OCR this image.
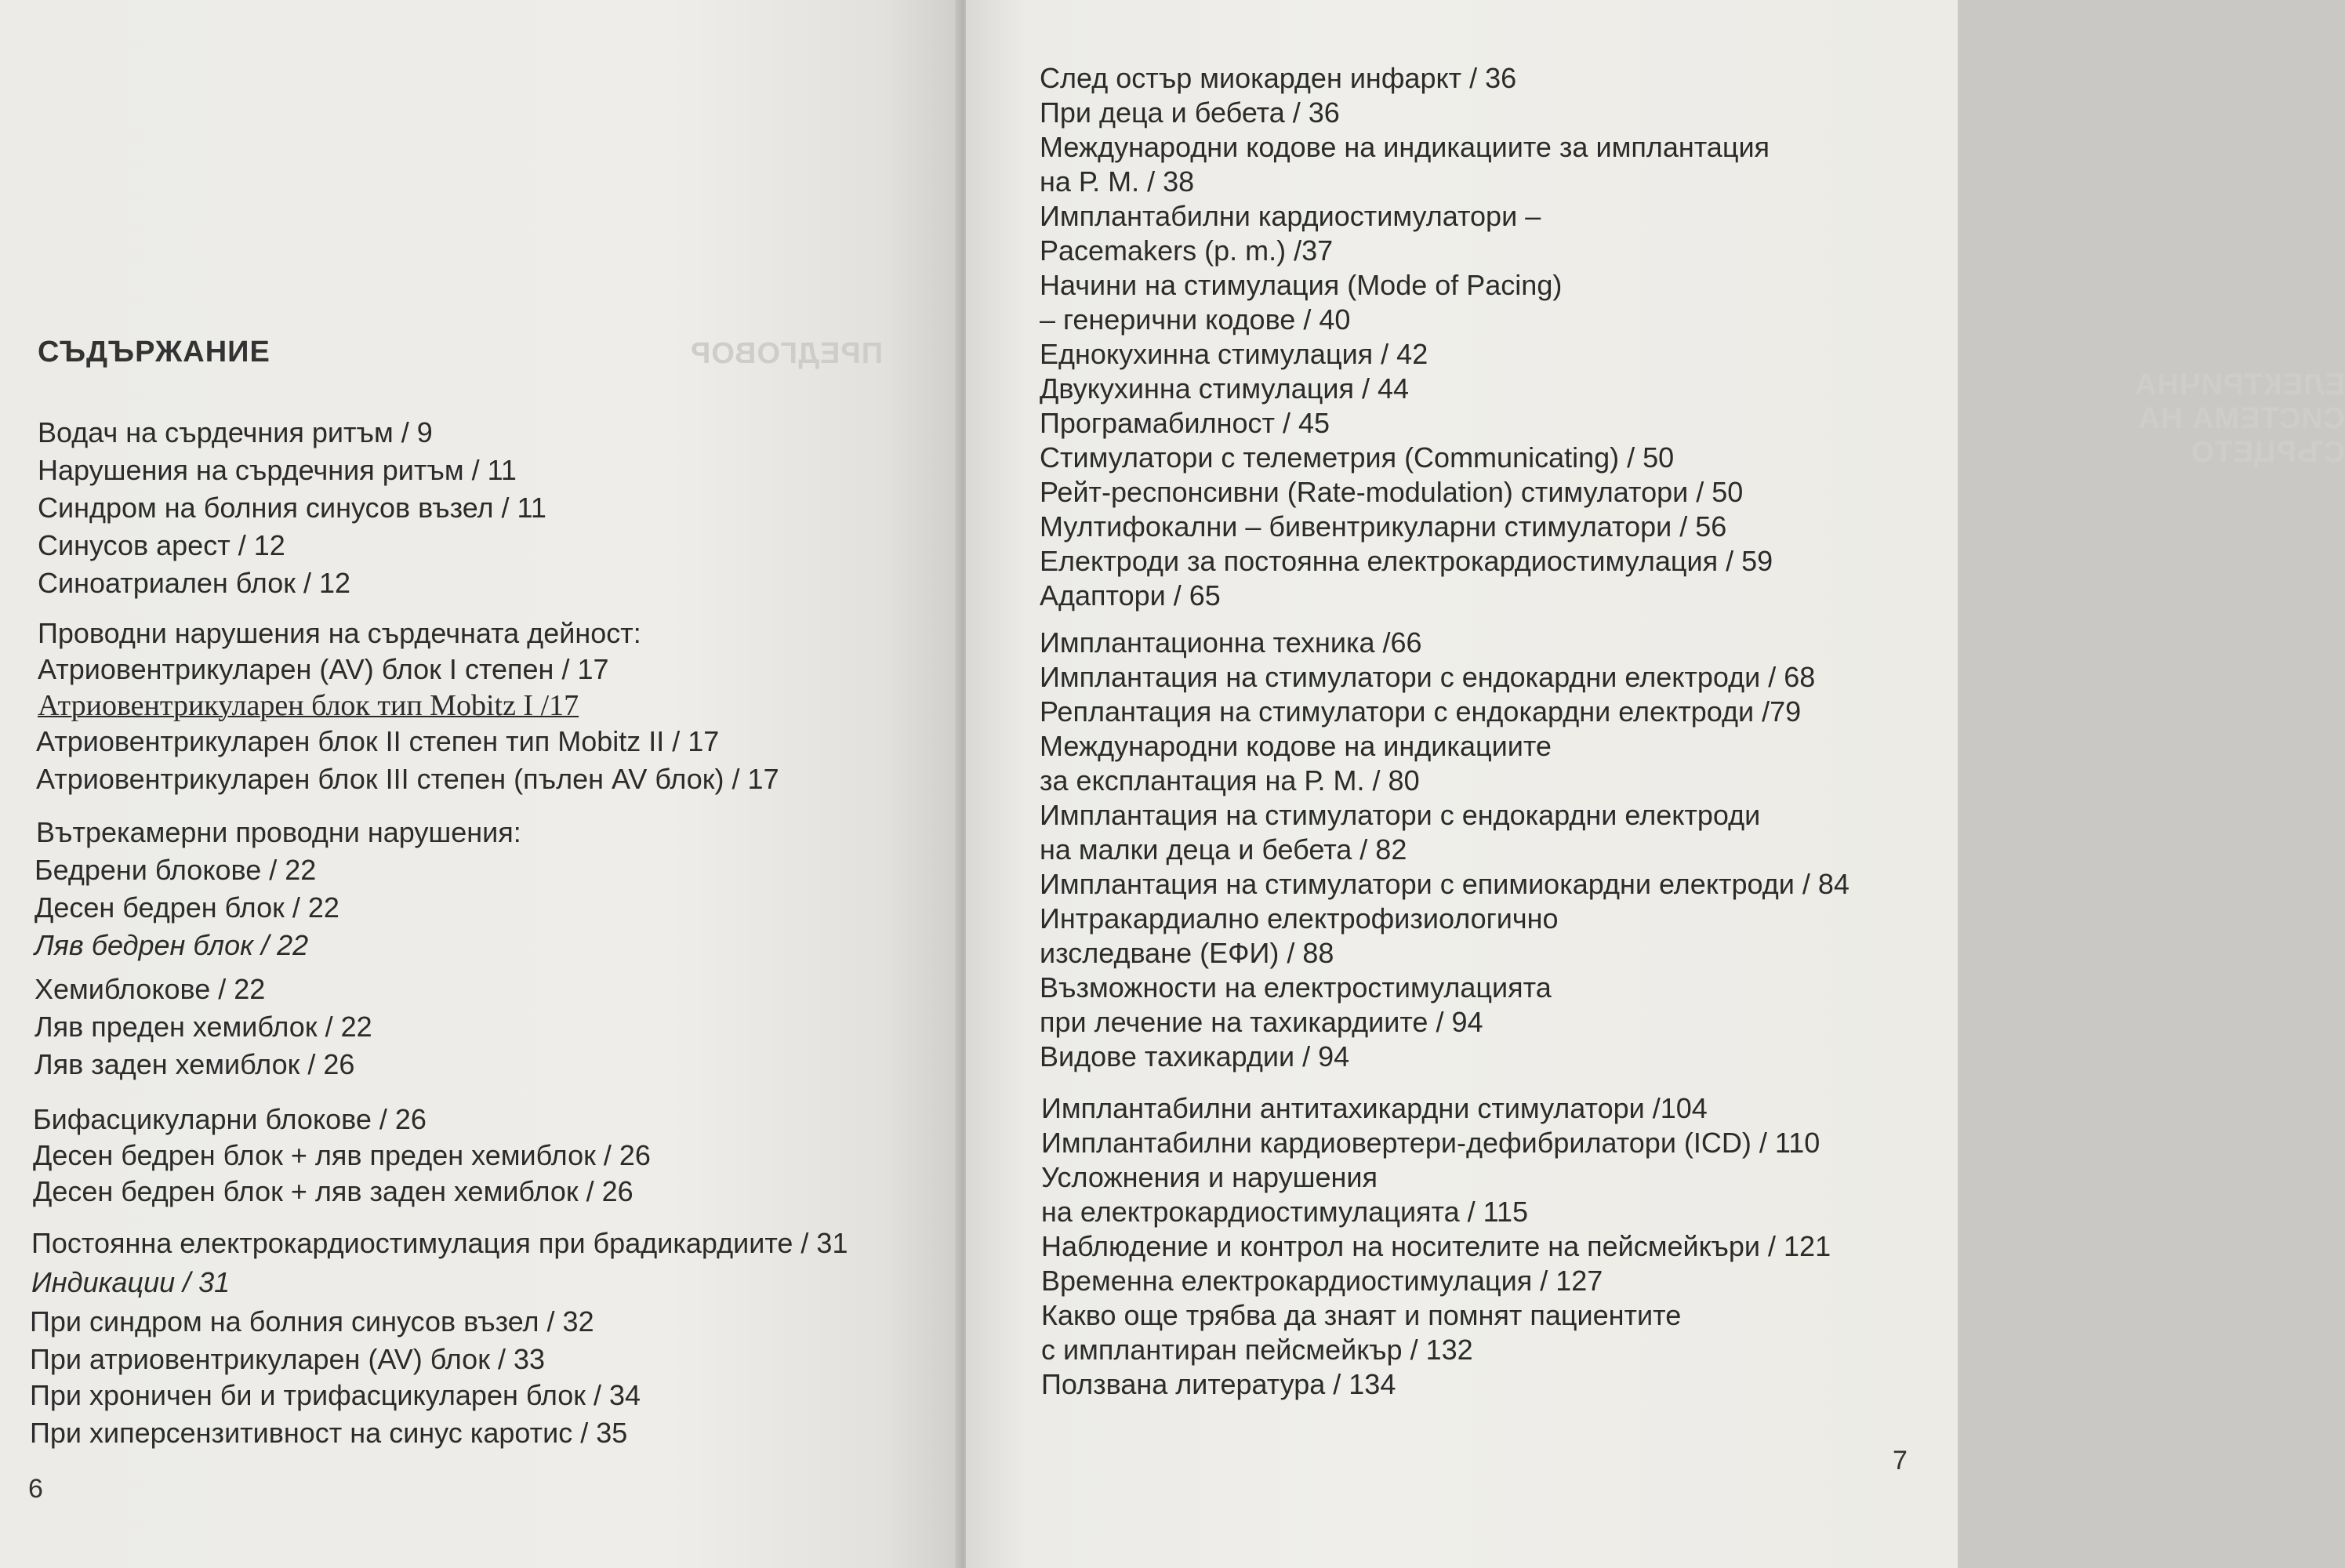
ПРЕДГОВОР
СЪДЪРЖАНИЕ
Водач на сърдечния ритъм / 9
Нарушения на сърдечния ритъм / 11
Синдром на болния синусов възел / 11
Синусов арест / 12
Синоатриален блок / 12
Проводни нарушения на сърдечната дейност:
Атриовентрикуларен (AV) блок I степен / 17
Атриовентрикуларен блок тип Mobitz I /17
Атриовентрикуларен блок II степен тип Mobitz II / 17
Атриовентрикуларен блок III степен (пълен AV блок) / 17
Вътрекамерни проводни нарушения:
Бедрени блокове / 22
Десен бедрен блок / 22
Ляв бедрен блок / 22
Хемиблокове / 22
Ляв преден хемиблок / 22
Ляв заден хемиблок / 26
Бифасцикуларни блокове / 26
Десен бедрен блок + ляв преден хемиблок / 26
Десен бедрен блок + ляв заден хемиблок / 26
Постоянна електрокардиостимулация при брадикардиите / 31
Индикации / 31
При синдром на болния синусов възел / 32
При атриовентрикуларен (AV) блок / 33
При хроничен би и трифасцикуларен блок / 34
При хиперсензитивност на синус каротис / 35
6
ЕЛЕКТРИЧНА СИСТЕМА НА СЪРЦЕТО
След остър миокарден инфаркт / 36
При деца и бебета / 36
Международни кодове на индикациите за имплантация
на Р. М. / 38
Имплантабилни кардиостимулатори –
Pacemakers (p. m.) /37
Начини на стимулация (Mode of Pacing)
– генерични кодове / 40
Еднокухинна стимулация / 42
Двукухинна стимулация / 44
Програмабилност / 45
Стимулатори с телеметрия (Communicating) / 50
Рейт-респонсивни (Rate-modulation) стимулатори / 50
Мултифокални – бивентрикуларни стимулатори / 56
Електроди за постоянна електрокардиостимулация / 59
Адаптори / 65
Имплантационна техника /66
Имплантация на стимулатори с ендокардни електроди / 68
Реплантация на стимулатори с ендокардни електроди /79
Международни кодове на индикациите
за експлантация на Р. М. / 80
Имплантация на стимулатори с ендокардни електроди
на малки деца и бебета / 82
Имплантация на стимулатори с епимиокардни електроди / 84
Интракардиално електрофизиологично
изследване (ЕФИ) / 88
Възможности на електростимулацията
при лечение на тахикардиите / 94
Видове тахикардии / 94
Имплантабилни антитахикардни стимулатори /104
Имплантабилни кардиовертери-дефибрилатори (ICD) / 110
Усложнения и нарушения
на електрокардиостимулацията / 115
Наблюдение и контрол на носителите на пейсмейкъри / 121
Временна електрокардиостимулация / 127
Какво още трябва да знаят и помнят пациентите
с имплантиран пейсмейкър / 132
Ползвана литература / 134
7
